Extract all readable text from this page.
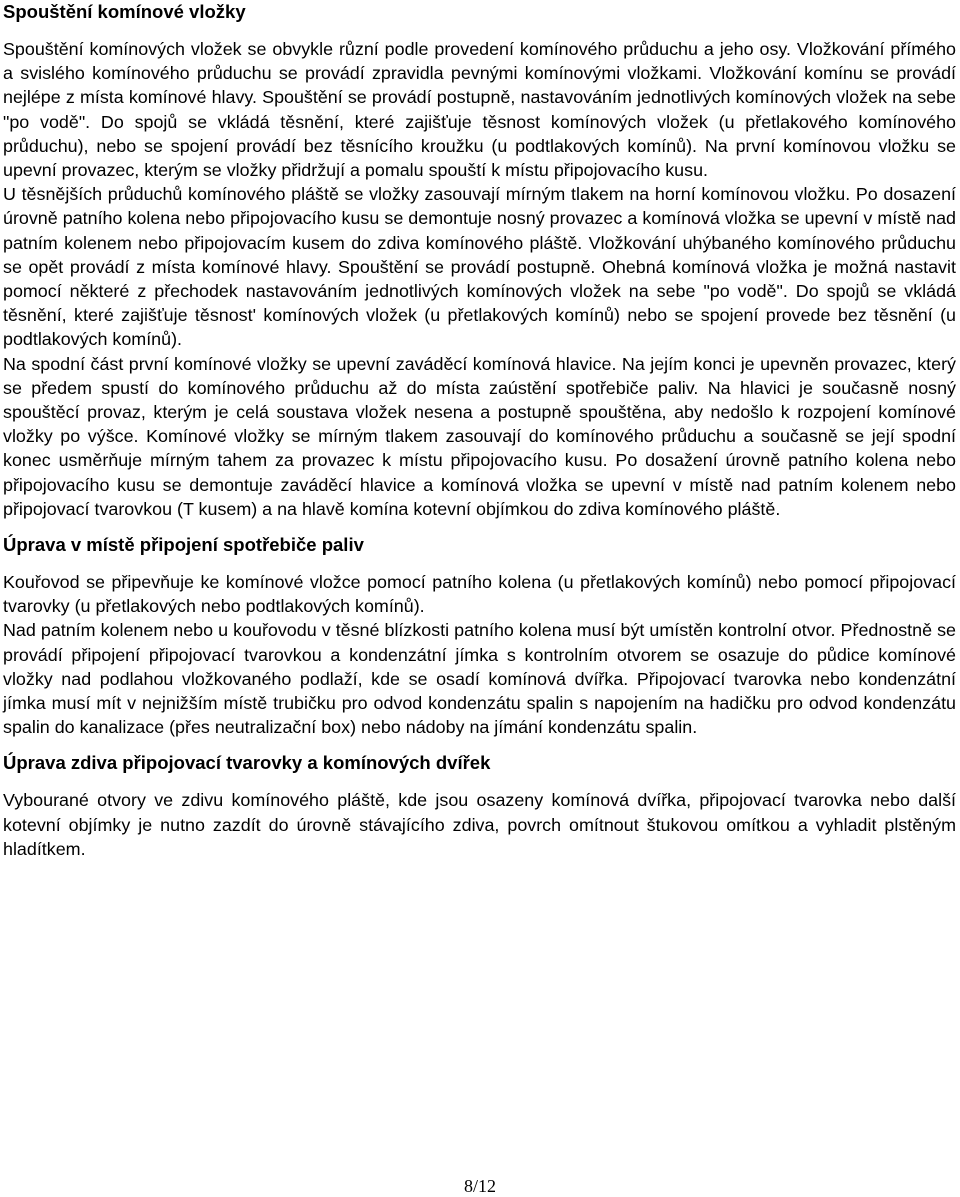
Spouštění komínové vložky

Spouštění komínových vložek se obvykle různí podle provedení komínového průduchu a jeho osy. Vložkování přímého a svislého komínového průduchu se provádí zpravidla pevnými komínovými vložkami. Vložkování komínu se provádí nejlépe z místa komínové hlavy. Spouštění se provádí postupně, nastavováním jednotlivých komínových vložek na sebe "po vodě". Do spojů se vkládá těsnění, které zajišťuje těsnost komínových vložek (u přetlakového komínového průduchu), nebo se spojení provádí bez těsnícího kroužku (u podtlakových komínů). Na první komínovou vložku se upevní provazec, kterým se vložky přidržují a pomalu spouští k místu připojovacího kusu.

U těsnějších průduchů komínového pláště se vložky zasouvají mírným tlakem na horní komínovou vložku. Po dosazení úrovně patního kolena nebo připojovacího kusu se demontuje nosný provazec a komínová vložka se upevní v místě nad patním kolenem nebo připojovacím kusem do zdiva komínového pláště. Vložkování uhýbaného komínového průduchu se opět provádí z místa komínové hlavy. Spouštění se provádí postupně. Ohebná komínová vložka je možná nastavit pomocí některé z přechodek nastavováním jednotlivých komínových vložek na sebe "po vodě". Do spojů se vkládá těsnění, které zajišťuje těsnost' komínových vložek (u přetlakových komínů) nebo se spojení provede bez těsnění (u podtlakových komínů).

Na spodní část první komínové vložky se upevní zaváděcí komínová hlavice. Na jejím konci je upevněn provazec, který se předem spustí do komínového průduchu až do místa zaústění spotřebiče paliv. Na hlavici je současně nosný spouštěcí provaz, kterým je celá soustava vložek nesena a postupně spouštěna, aby nedošlo k rozpojení komínové vložky po výšce. Komínové vložky se mírným tlakem zasouvají do komínového průduchu a současně se její spodní konec usměrňuje mírným tahem za provazec k místu připojovacího kusu. Po dosažení úrovně patního kolena nebo připojovacího kusu se demontuje zaváděcí hlavice a komínová vložka se upevní v místě nad patním kolenem nebo připojovací tvarovkou (T kusem) a na hlavě komína kotevní objímkou do zdiva komínového pláště.

Úprava v místě připojení spotřebiče paliv

Kouřovod se připevňuje ke komínové vložce pomocí patního kolena (u přetlakových komínů) nebo pomocí připojovací tvarovky (u přetlakových nebo podtlakových komínů).

Nad patním kolenem nebo u kouřovodu v těsné blízkosti patního kolena musí být umístěn kontrolní otvor. Přednostně se provádí připojení připojovací tvarovkou a kondenzátní jímka s kontrolním otvorem se osazuje do půdice komínové vložky nad podlahou vložkovaného podlaží, kde se osadí komínová dvířka. Připojovací tvarovka nebo kondenzátní jímka musí mít v nejnižším místě trubičku pro odvod kondenzátu spalin s napojením na hadičku pro odvod kondenzátu spalin do kanalizace (přes neutralizační box) nebo nádoby na jímání kondenzátu spalin.

Úprava zdiva připojovací tvarovky a komínových dvířek

Vybourané otvory ve zdivu komínového pláště, kde jsou osazeny komínová dvířka, připojovací tvarovka nebo další kotevní objímky je nutno zazdít do úrovně stávajícího zdiva, povrch omítnout štukovou omítkou a vyhladit plstěným hladítkem.

8/12
